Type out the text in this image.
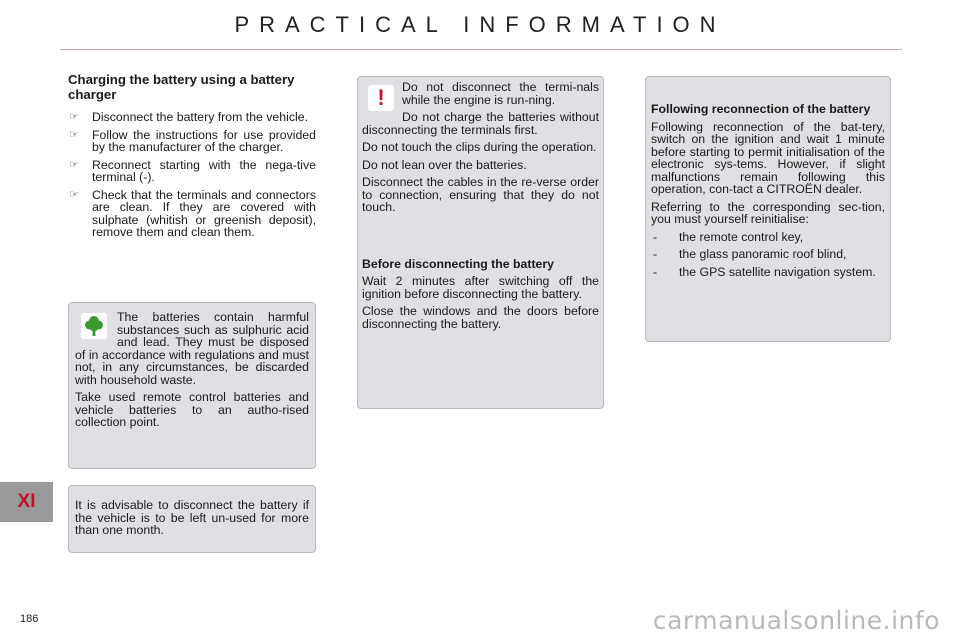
PRACTICAL INFORMATION
XI
186	carmanualsonline.info
Charging the battery using a battery charger
☞ Disconnect the battery from the vehicle.
☞ Follow the instructions for use provided by the manufacturer of the charger.
☞ Reconnect starting with the nega-tive terminal (-).
☞ Check that the terminals and connectors are clean. If they are covered with sulphate (whitish or greenish deposit), remove them and clean them.

The batteries contain harmful substances such as sulphuric acid and lead. They must be disposed of in accordance with regulations and must not, in any circumstances, be discarded with household waste.

Take used remote control batteries and vehicle batteries to an autho-rised collection point.

It is advisable to disconnect the battery if the vehicle is to be left un-used for more than one month.

!	Do not disconnect the termi-nals while the engine is run-ning.

Do not charge the batteries without disconnecting the terminals first.

Do not touch the clips during the operation.

Do not lean over the batteries.

Disconnect the cables in the re-verse order to connection, ensuring that they do not touch.

Before disconnecting the battery

Wait 2 minutes after switching off the ignition before disconnecting the battery.

Close the windows and the doors before disconnecting the battery.

Following reconnection of the battery

Following reconnection of the bat-tery, switch on the ignition and wait 1 minute before starting to permit initialisation of the electronic sys-tems. However, if slight malfunctions remain following this operation, con-tact a CITROËN dealer.

Referring to the corresponding sec-tion, you must yourself reinitialise:

- the remote control key,
- the glass panoramic roof blind,
- the GPS satellite navigation system.
